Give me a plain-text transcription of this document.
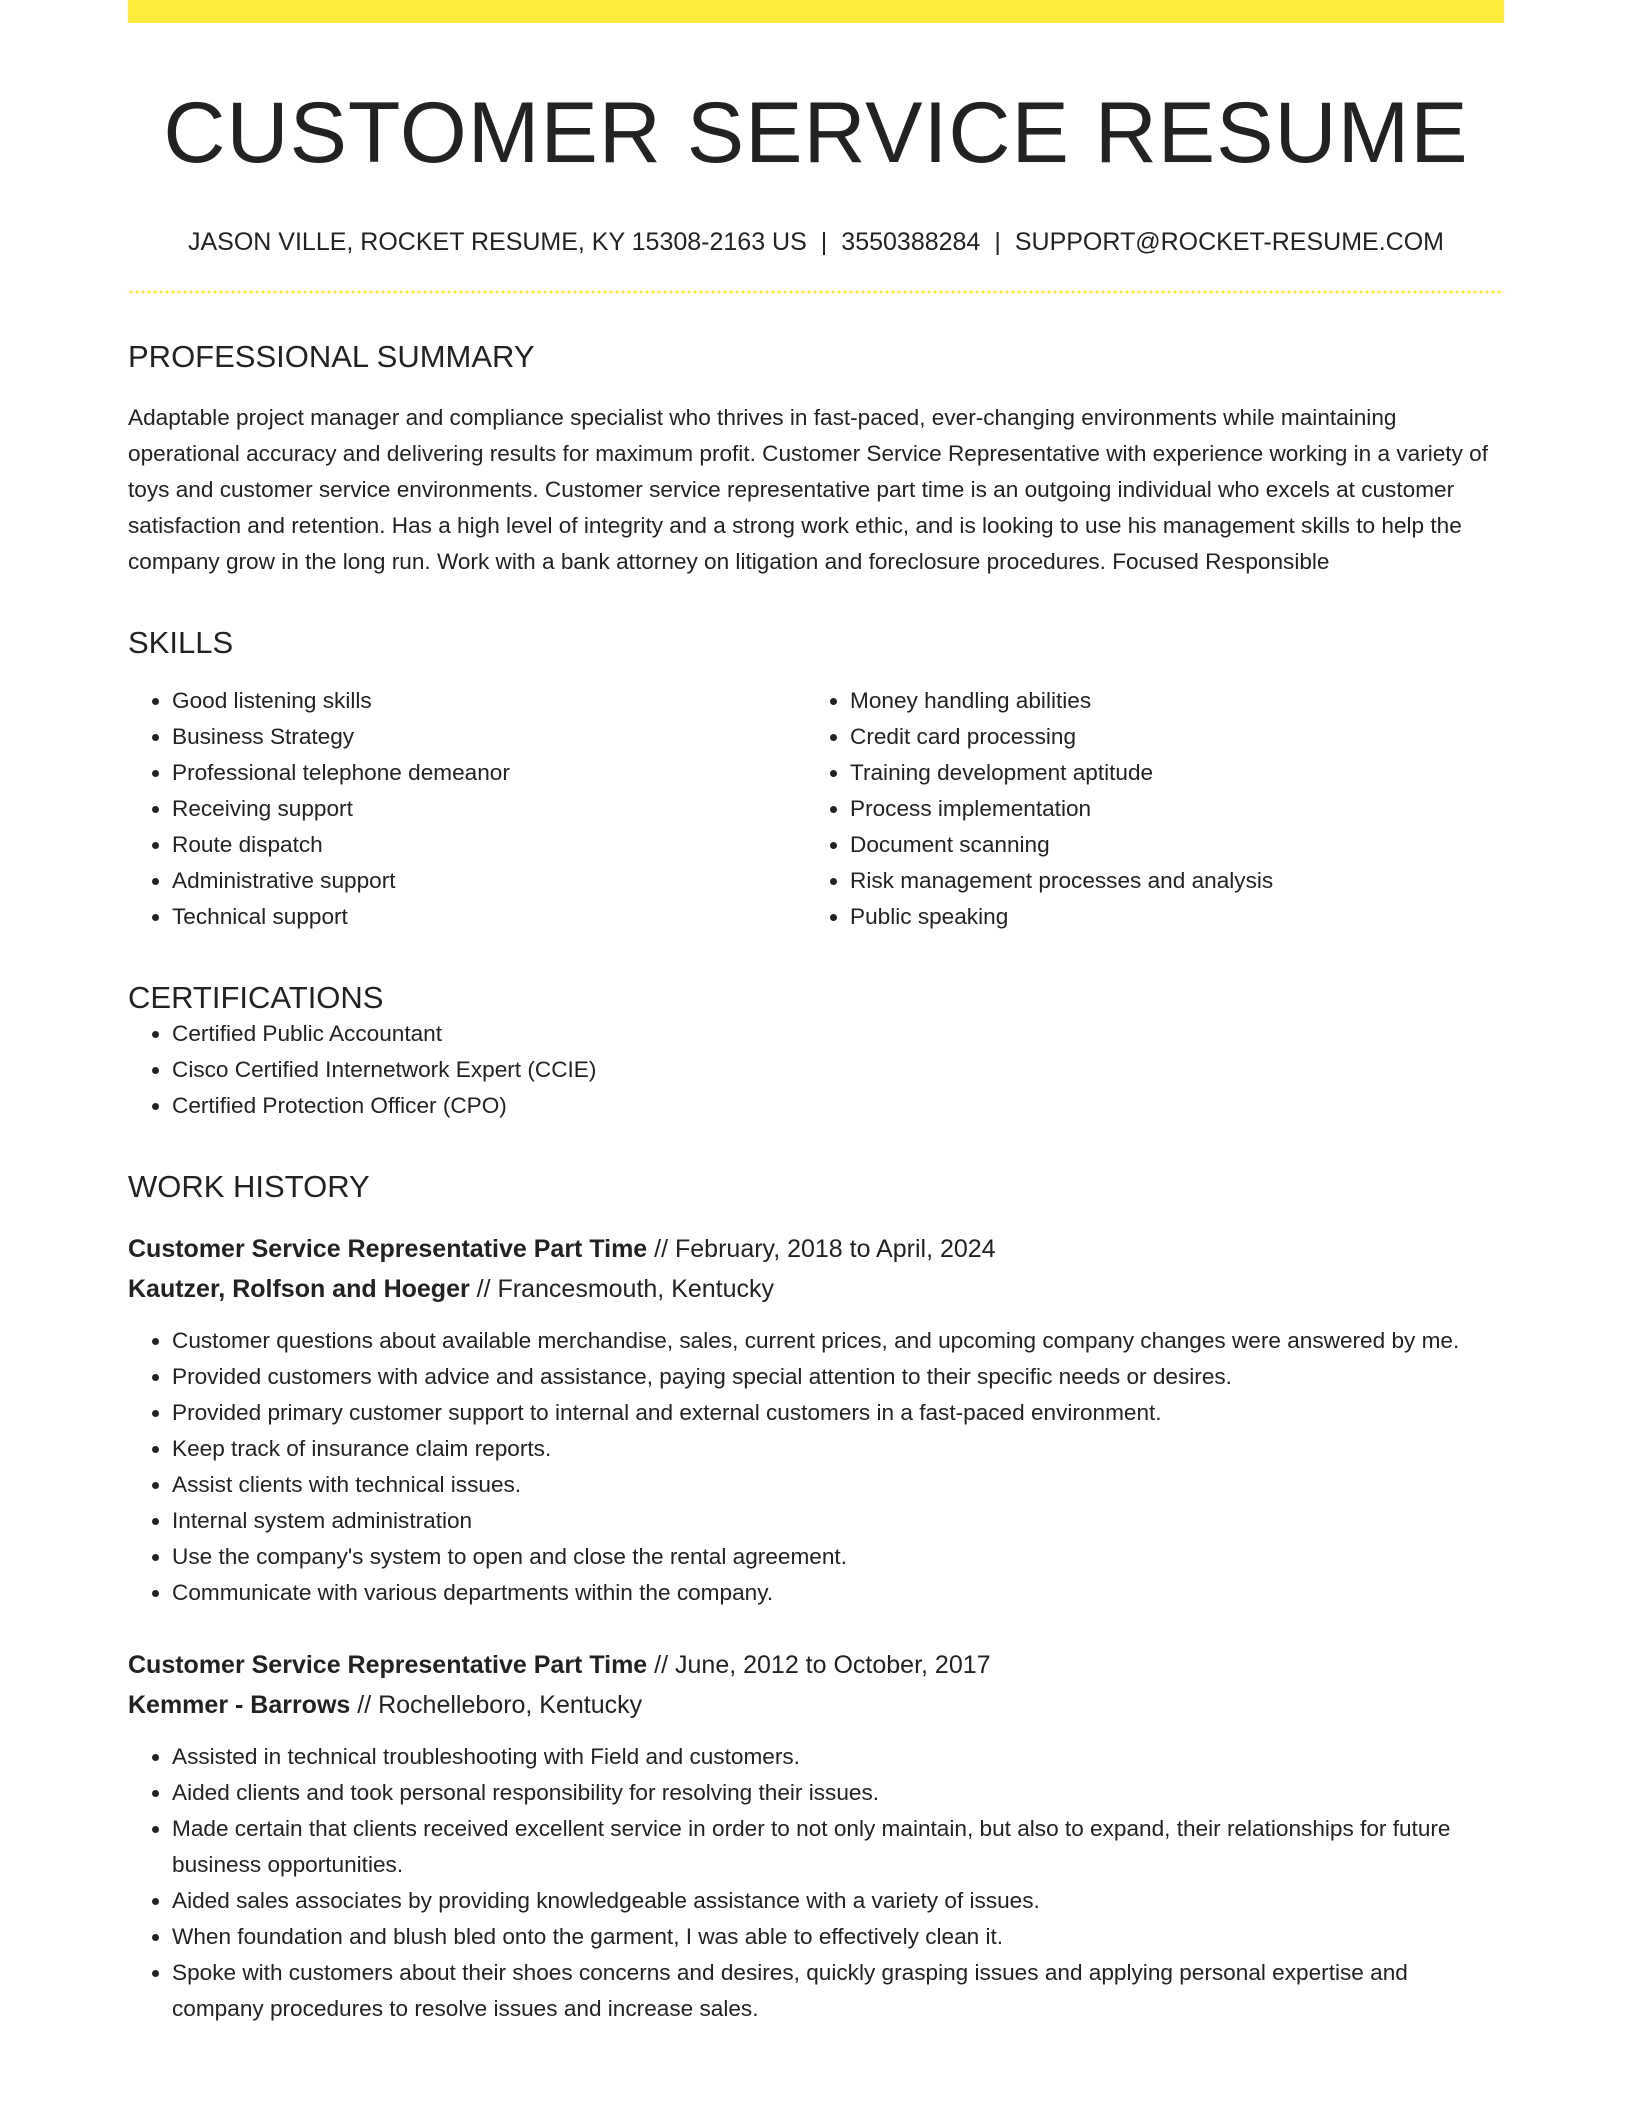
CUSTOMER SERVICE RESUME
JASON VILLE, ROCKET RESUME, KY 15308-2163 US | 3550388284 | SUPPORT@ROCKET-RESUME.COM
PROFESSIONAL SUMMARY

Adaptable project manager and compliance specialist who thrives in fast-paced, ever-changing environments while maintaining operational accuracy and delivering results for maximum profit. Customer Service Representative with experience working in a variety of toys and customer service environments. Customer service representative part time is an outgoing individual who excels at customer satisfaction and retention. Has a high level of integrity and a strong work ethic, and is looking to use his management skills to help the company grow in the long run. Work with a bank attorney on litigation and foreclosure procedures. Focused Responsible

SKILLS
• Good listening skills
• Business Strategy
• Professional telephone demeanor
• Receiving support
• Route dispatch
• Administrative support
• Technical support
• Money handling abilities
• Credit card processing
• Training development aptitude
• Process implementation
• Document scanning
• Risk management processes and analysis
• Public speaking
CERTIFICATIONS
• Certified Public Accountant
• Cisco Certified Internetwork Expert (CCIE)
• Certified Protection Officer (CPO)
WORK HISTORY
Customer Service Representative Part Time // February, 2018 to April, 2024
Kautzer, Rolfson and Hoeger // Francesmouth, Kentucky
• Customer questions about available merchandise, sales, current prices, and upcoming company changes were answered by me.
• Provided customers with advice and assistance, paying special attention to their specific needs or desires.
• Provided primary customer support to internal and external customers in a fast-paced environment.
• Keep track of insurance claim reports.
• Assist clients with technical issues.
• Internal system administration
• Use the company's system to open and close the rental agreement.
• Communicate with various departments within the company.
Customer Service Representative Part Time // June, 2012 to October, 2017
Kemmer - Barrows // Rochelleboro, Kentucky
• Assisted in technical troubleshooting with Field and customers.
• Aided clients and took personal responsibility for resolving their issues.
• Made certain that clients received excellent service in order to not only maintain, but also to expand, their relationships for future business opportunities.
• Aided sales associates by providing knowledgeable assistance with a variety of issues.
• When foundation and blush bled onto the garment, I was able to effectively clean it.
• Spoke with customers about their shoes concerns and desires, quickly grasping issues and applying personal expertise and company procedures to resolve issues and increase sales.
